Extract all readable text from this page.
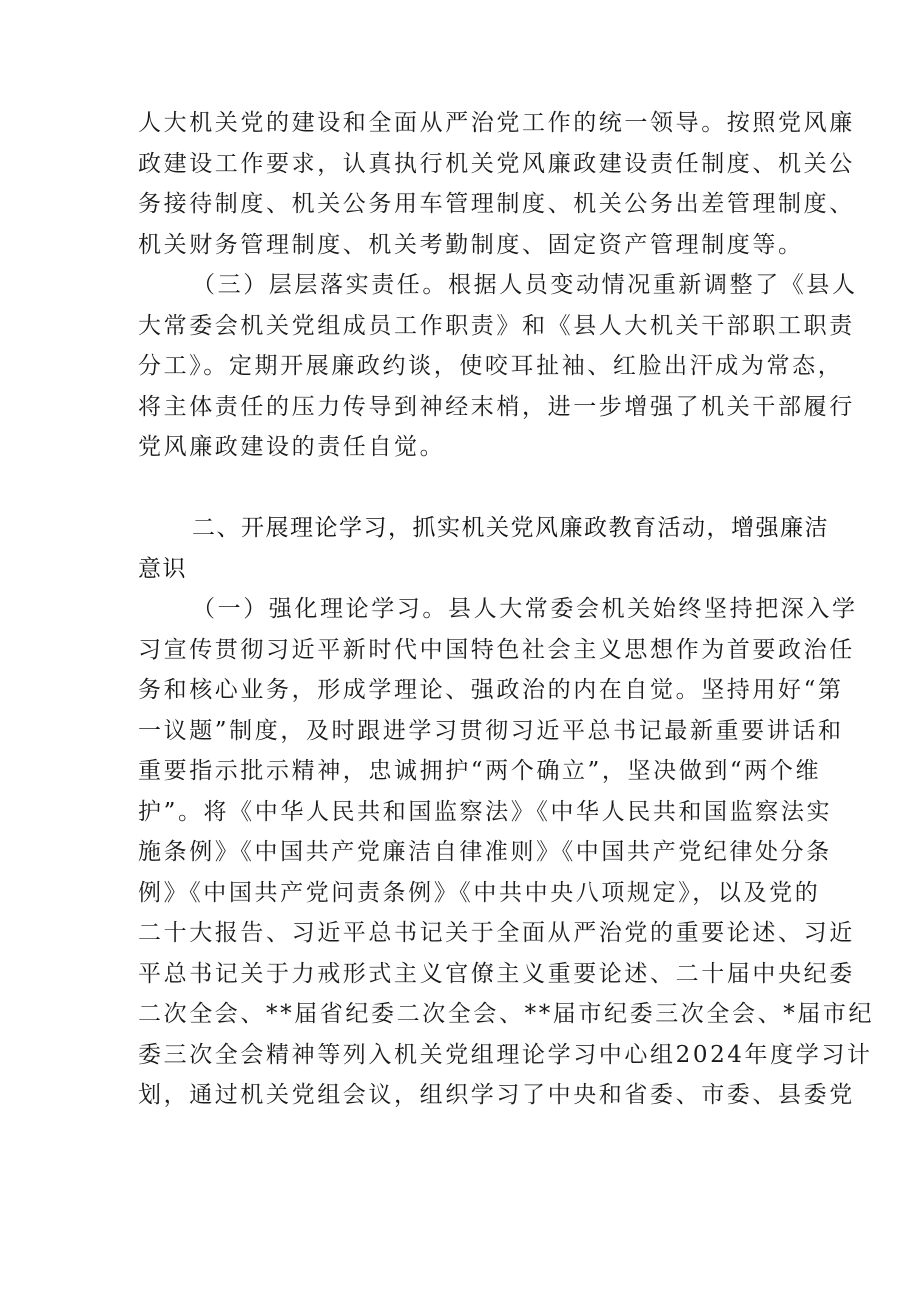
人大机关党的建设和全面从严治党工作的统一领导。按照党风廉
政建设工作要求，认真执行机关党风廉政建设责任制度、机关公
务接待制度、机关公务用车管理制度、机关公务出差管理制度、
机关财务管理制度、机关考勤制度、固定资产管理制度等。
（三）层层落实责任。根据人员变动情况重新调整了《县人
大常委会机关党组成员工作职责》和《县人大机关干部职工职责
分工》。定期开展廉政约谈，使咬耳扯袖、红脸出汗成为常态，
将主体责任的压力传导到神经末梢，进一步增强了机关干部履行
党风廉政建设的责任自觉。
二、开展理论学习，抓实机关党风廉政教育活动，增强廉洁
意识
（一）强化理论学习。县人大常委会机关始终坚持把深入学
习宣传贯彻习近平新时代中国特色社会主义思想作为首要政治任
务和核心业务，形成学理论、强政治的内在自觉。坚持用好“第
一议题”制度，及时跟进学习贯彻习近平总书记最新重要讲话和
重要指示批示精神，忠诚拥护“两个确立”，坚决做到“两个维
护”。将《中华人民共和国监察法》《中华人民共和国监察法实
施条例》《中国共产党廉洁自律准则》《中国共产党纪律处分条
例》《中国共产党问责条例》《中共中央八项规定》，以及党的
二十大报告、习近平总书记关于全面从严治党的重要论述、习近
平总书记关于力戒形式主义官僚主义重要论述、二十届中央纪委
二次全会、**届省纪委二次全会、**届市纪委三次全会、*届市纪
委三次全会精神等列入机关党组理论学习中心组2024年度学习计
划，通过机关党组会议，组织学习了中央和省委、市委、县委党
